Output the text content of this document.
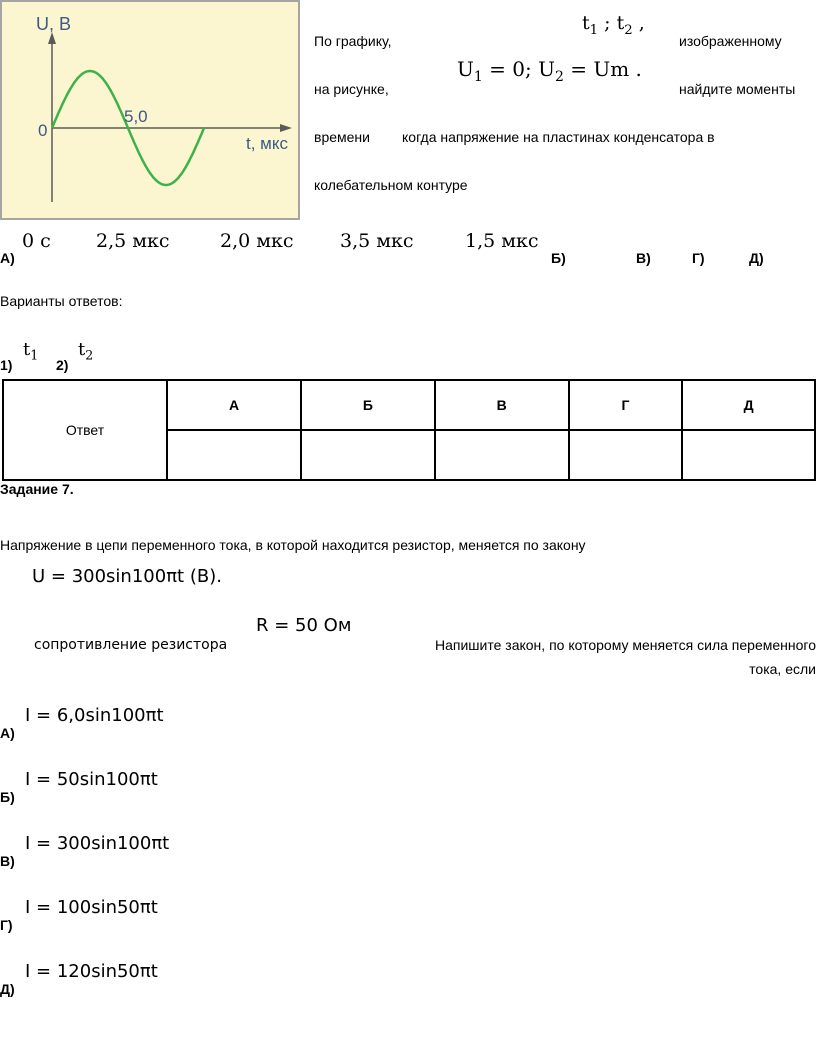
U, В
0
5,0
t, мкс
По графику,
$t_1$ ; $t_2$ ,
изображенному
$U_1 = 0$; $U_2 = Um$ .
на рисунке,	найдите моменты
времени когда напряжение на пластинах конденсатора в
колебательном контуре
0 с 2,5 мкс	2,0 мкс 3,5 мкс	1,5 мкс
А)	Б)	В)	Г)	Д)
Варианты ответов:
1)
$t_1$
2)
$t_2$
Ответ	А	Б	В	Г	Д

Задание 7.
Напряжение в цепи переменного тока, в которой находится резистор, меняется по закону
U = 300sin100πt (В).
R = 50 Ом
сопротивление резистора	Напишите закон, по которому меняется сила переменного
тока, если
А)
I = 6,0sin100πt
Б)
I = 50sin100πt
В)
I = 300sin100πt
Г)
I = 100sin50πt
Д)
I = 120sin50πt
